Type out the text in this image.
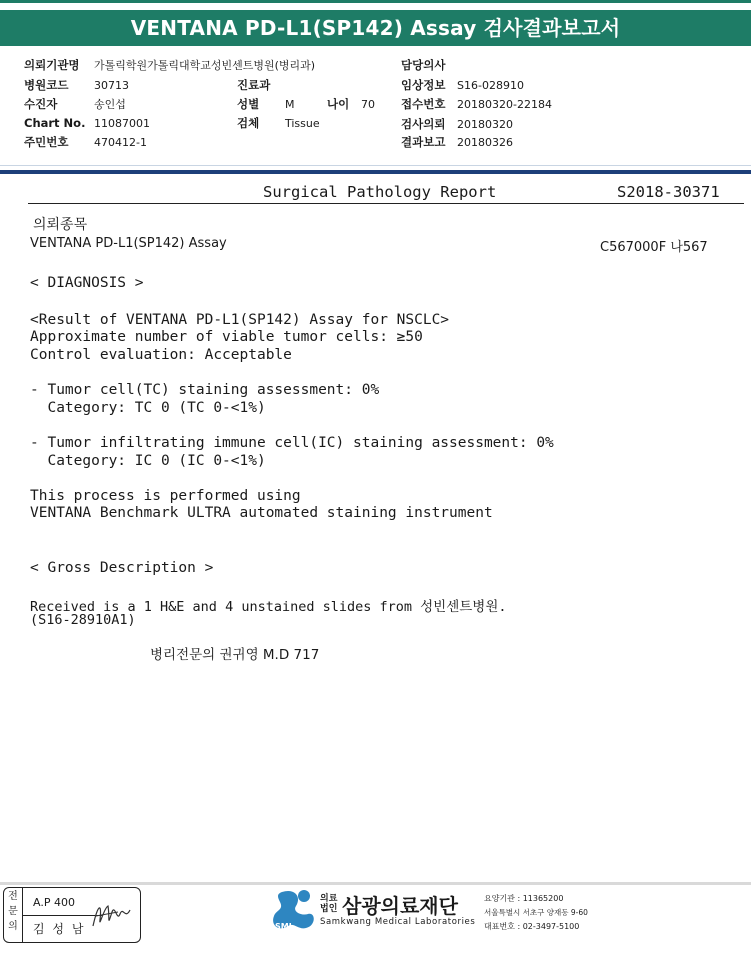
VENTANA PD-L1(SP142) Assay 검사결과보고서
의뢰기관명 가톨릭학원가톨릭대학교성빈센트병원(병리과)
병원코드 30713
수진자	송인섭
Chart No. 11087001
주민번호 470412-1
진료과
성별 M	나이 70
검체 Tissue
담당의사
임상정보 S16-028910
접수번호 20180320-22184
검사의뢰 20180320
결과보고 20180326
Surgical Pathology Report	S2018-30371
의뢰종목
VENTANA PD-L1(SP142) Assay	C567000F 나567
< DIAGNOSIS >
<Result of VENTANA PD-L1(SP142) Assay for NSCLC>
Approximate number of viable tumor cells: ≥50
Control evaluation: Acceptable
- Tumor cell(TC) staining assessment: 0%
Category: TC 0 (TC 0-<1%)
- Tumor infiltrating immune cell(IC) staining assessment: 0%
Category: IC 0 (IC 0-<1%)
This process is performed using
VENTANA Benchmark ULTRA automated staining instrument
< Gross Description >
Received is a 1 H&E and 4 unstained slides from 성빈센트병원.
(S16-28910A1)
병리전문의 권귀영 M.D 717
전
문
의
A.P 400
김 성 남	SML
의료
법인 삼광의료재단
Samkwang Medical Laboratories
요양기관 : 11365200
서울특별시 서초구 양재동 9-60
대표번호 : 02-3497-5100
